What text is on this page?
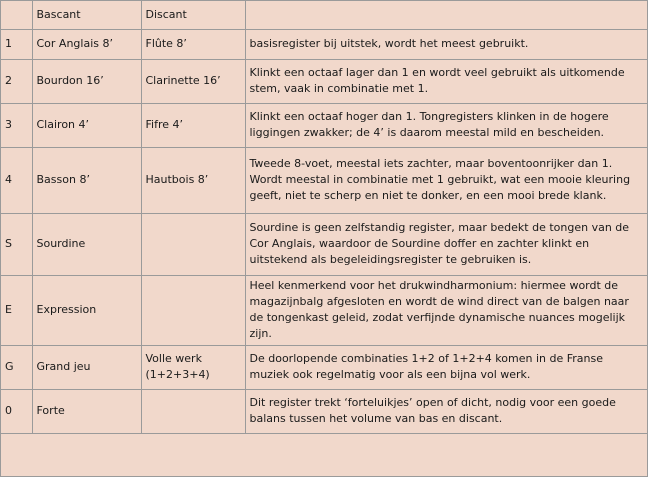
	Bascant	Discant	
1	Cor Anglais 8’	Flûte 8’	basisregister bij uitstek, wordt het meest gebruikt.
2	Bourdon 16’	Clarinette 16’	Klinkt een octaaf lager dan 1 en wordt veel gebruikt als uitkomende stem, vaak in combinatie met 1.
3	Clairon 4’	Fifre 4’	Klinkt een octaaf hoger dan 1. Tongregisters klinken in de hogere liggingen zwakker; de 4’ is daarom meestal mild en bescheiden.
4	Basson 8’	Hautbois 8’	Tweede 8-voet, meestal iets zachter, maar boventoonrijker dan 1. Wordt meestal in combinatie met 1 gebruikt, wat een mooie kleuring geeft, niet te scherp en niet te donker, en een mooi brede klank.
S	Sourdine		Sourdine is geen zelfstandig register, maar bedekt de tongen van de Cor Anglais, waardoor de Sourdine doffer en zachter klinkt en uitstekend als begeleidingsregister te gebruiken is.
E	Expression		Heel kenmerkend voor het drukwindharmonium: hiermee wordt de magazijnbalg afgesloten en wordt de wind direct van de balgen naar de tongenkast geleid, zodat verfijnde dynamische nuances mogelijk zijn.
G	Grand jeu	Volle werk (1+2+3+4)	De doorlopende combinaties 1+2 of 1+2+4 komen in de Franse muziek ook regelmatig voor als een bijna vol werk.
0	Forte		Dit register trekt ‘forteluikjes’ open of dicht, nodig voor een goede balans tussen het volume van bas en discant.
